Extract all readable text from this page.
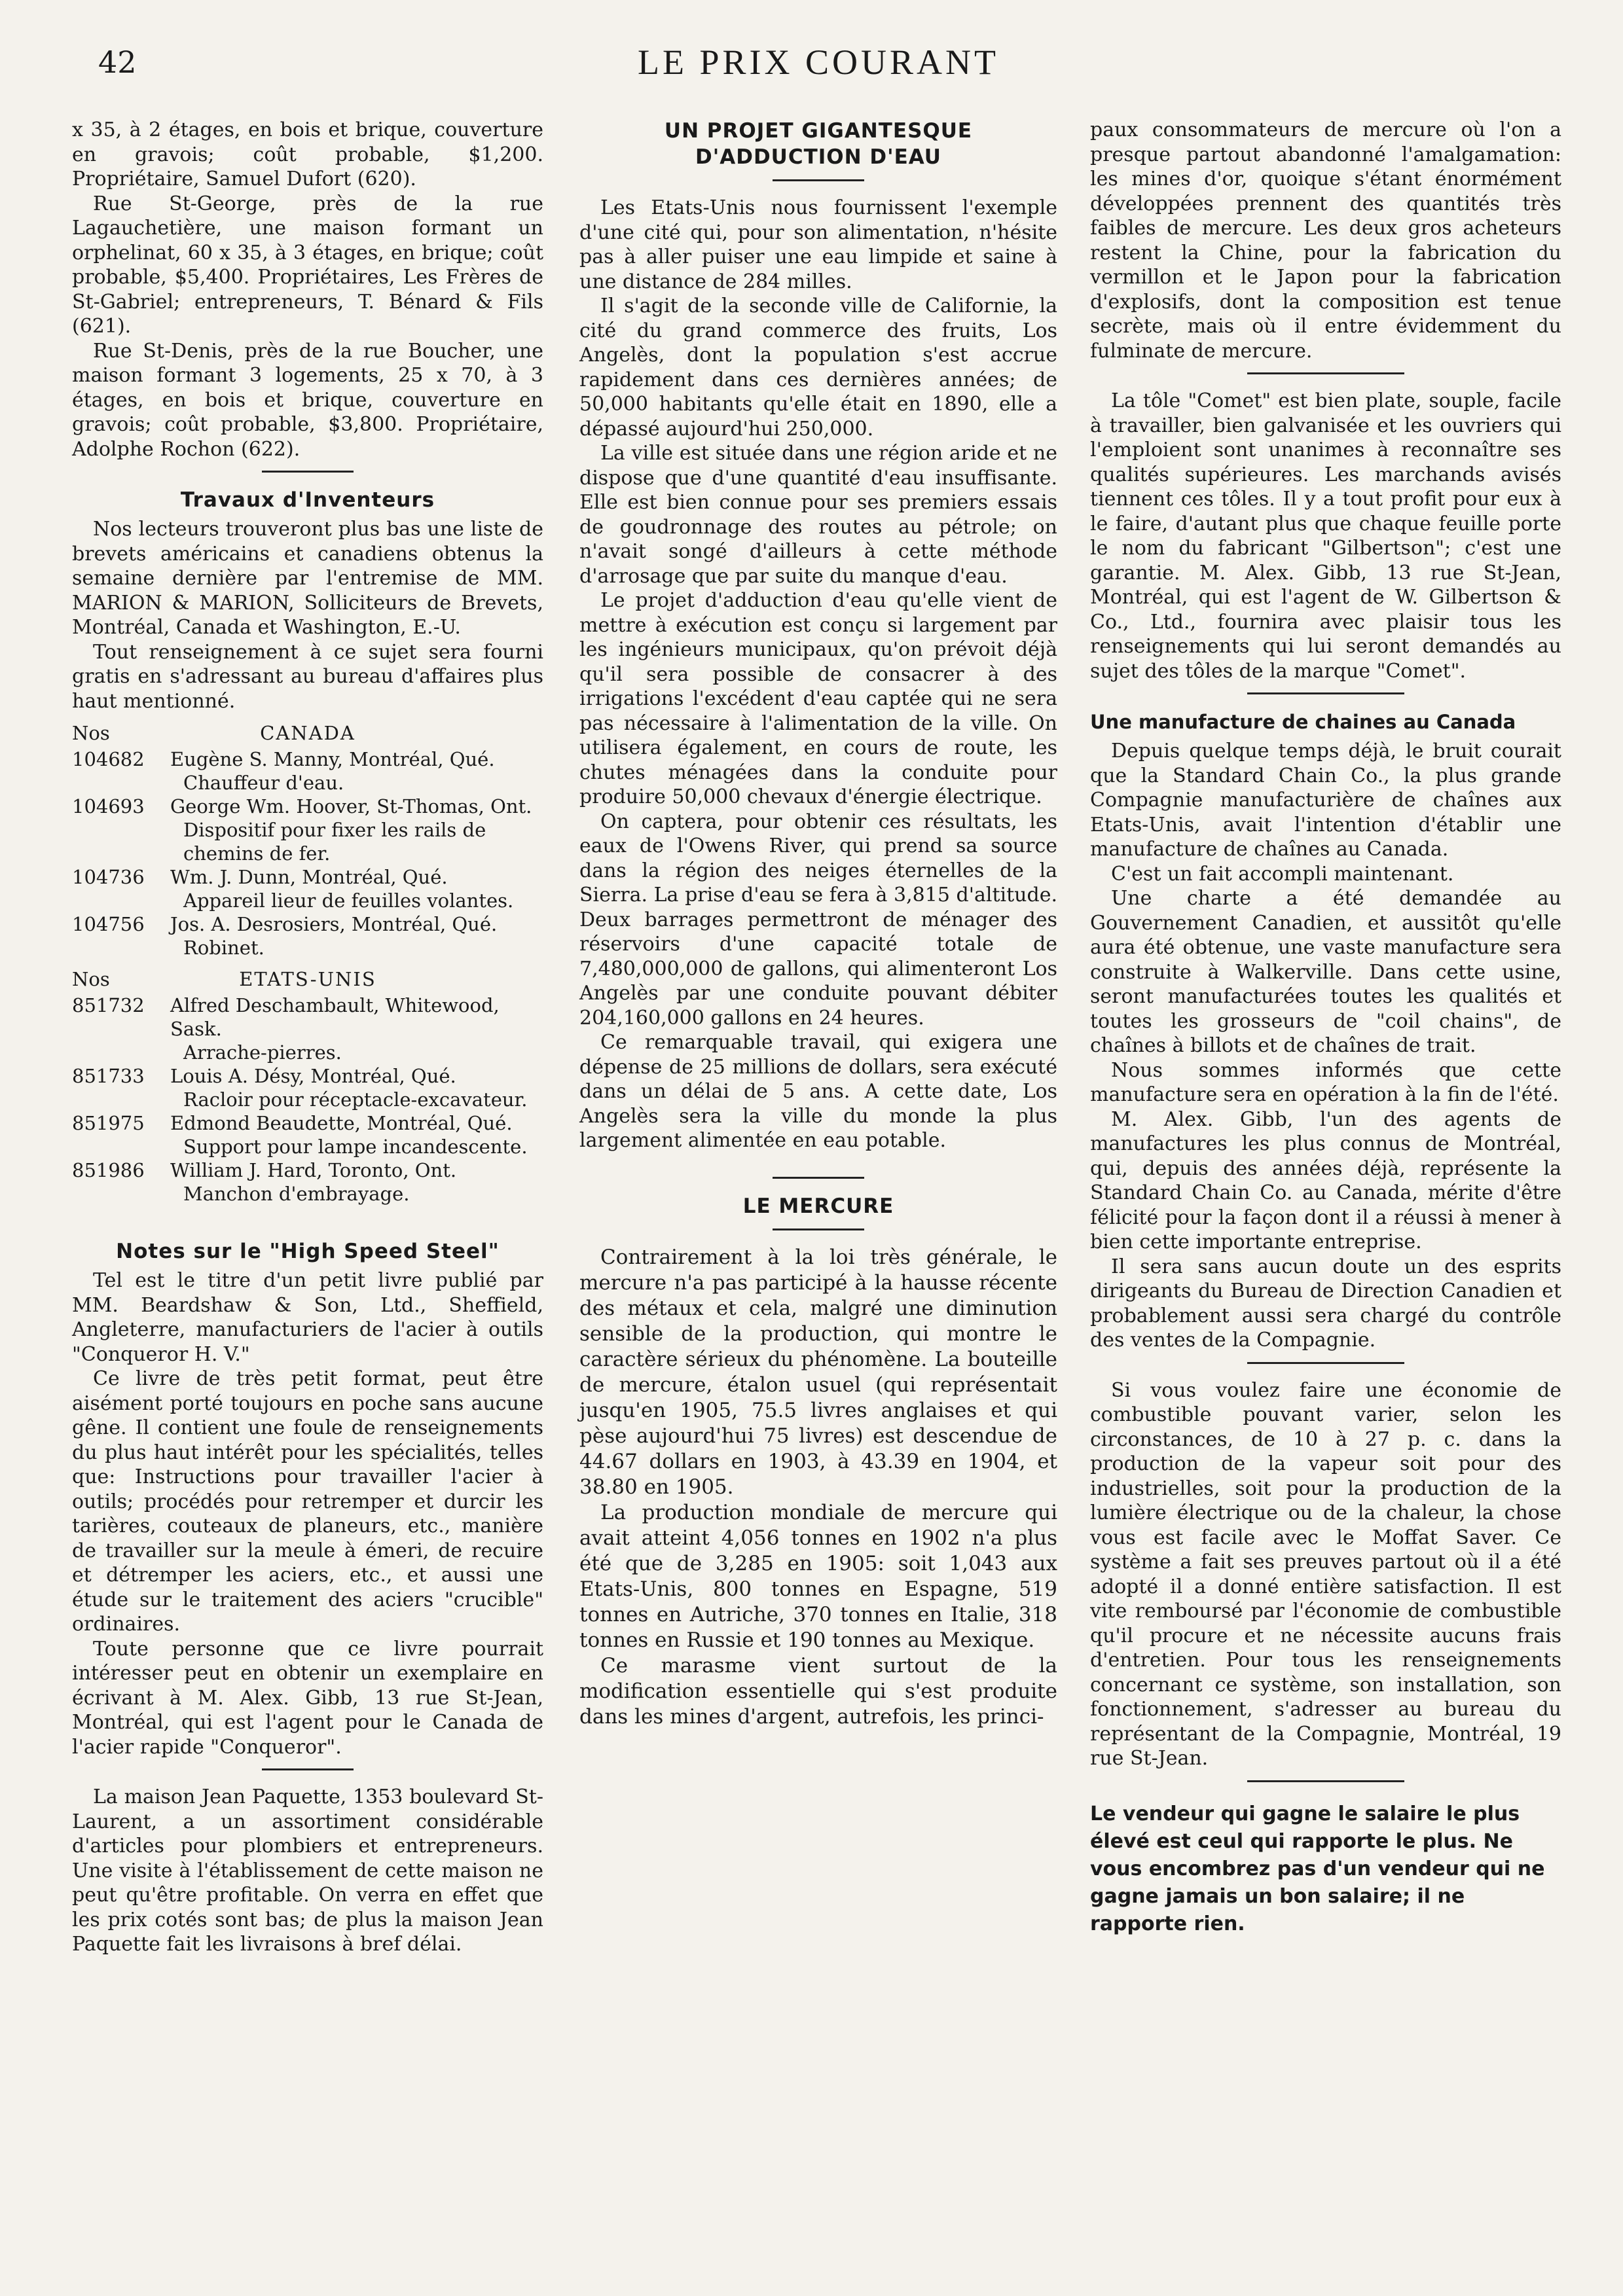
42	LE PRIX COURANT

x 35, à 2 étages, en bois et brique, couverture en gravois; coût probable, $1,200. Propriétaire, Samuel Dufort (620).

Rue St-George, près de la rue Lagauchetière, une maison formant un orphelinat, 60 x 35, à 3 étages, en brique; coût probable, $5,400. Propriétaires, Les Frères de St-Gabriel; entrepreneurs, T. Bénard & Fils (621).

Rue St-Denis, près de la rue Boucher, une maison formant 3 logements, 25 x 70, à 3 étages, en bois et brique, couverture en gravois; coût probable, $3,800. Propriétaire, Adolphe Rochon (622).

Travaux d'Inventeurs

Nos lecteurs trouveront plus bas une liste de brevets américains et canadiens obtenus la semaine dernière par l'entremise de MM. MARION & MARION, Solliciteurs de Brevets, Montréal, Canada et Washington, E.-U.

Tout renseignement à ce sujet sera fourni gratis en s'adressant au bureau d'affaires plus haut mentionné.

Nos	CANADA
104682	Eugène S. Manny, Montréal, Qué.
Chauffeur d'eau.
104693	George Wm. Hoover, St-Thomas, Ont.
Dispositif pour fixer les rails de chemins de fer.
104736	Wm. J. Dunn, Montréal, Qué.
Appareil lieur de feuilles volantes.
104756	Jos. A. Desrosiers, Montréal, Qué.
Robinet.
Nos	ETATS-UNIS
851732	Alfred Deschambault, Whitewood, Sask.
Arrache-pierres.
851733	Louis A. Désy, Montréal, Qué.
Racloir pour réceptacle-excavateur.
851975	Edmond Beaudette, Montréal, Qué.
Support pour lampe incandescente.
851986	William J. Hard, Toronto, Ont.
Manchon d'embrayage.
Notes sur le "High Speed Steel"

Tel est le titre d'un petit livre publié par MM. Beardshaw & Son, Ltd., Sheffield, Angleterre, manufacturiers de l'acier à outils "Conqueror H. V."

Ce livre de très petit format, peut être aisément porté toujours en poche sans aucune gêne. Il contient une foule de renseignements du plus haut intérêt pour les spécialités, telles que: Instructions pour travailler l'acier à outils; procédés pour retremper et durcir les tarières, couteaux de planeurs, etc., manière de travailler sur la meule à émeri, de recuire et détremper les aciers, etc., et aussi une étude sur le traitement des aciers "crucible" ordinaires.

Toute personne que ce livre pourrait intéresser peut en obtenir un exemplaire en écrivant à M. Alex. Gibb, 13 rue St-Jean, Montréal, qui est l'agent pour le Canada de l'acier rapide "Conqueror".

La maison Jean Paquette, 1353 boulevard St-Laurent, a un assortiment considérable d'articles pour plombiers et entrepreneurs. Une visite à l'établissement de cette maison ne peut qu'être profitable. On verra en effet que les prix cotés sont bas; de plus la maison Jean Paquette fait les livraisons à bref délai.

UN PROJET GIGANTESQUE D'ADDUCTION D'EAU

Les Etats-Unis nous fournissent l'exemple d'une cité qui, pour son alimentation, n'hésite pas à aller puiser une eau limpide et saine à une distance de 284 milles.

Il s'agit de la seconde ville de Californie, la cité du grand commerce des fruits, Los Angelès, dont la population s'est accrue rapidement dans ces dernières années; de 50,000 habitants qu'elle était en 1890, elle a dépassé aujourd'hui 250,000.

La ville est située dans une région aride et ne dispose que d'une quantité d'eau insuffisante. Elle est bien connue pour ses premiers essais de goudronnage des routes au pétrole; on n'avait songé d'ailleurs à cette méthode d'arrosage que par suite du manque d'eau.

Le projet d'adduction d'eau qu'elle vient de mettre à exécution est conçu si largement par les ingénieurs municipaux, qu'on prévoit déjà qu'il sera possible de consacrer à des irrigations l'excédent d'eau captée qui ne sera pas nécessaire à l'alimentation de la ville. On utilisera également, en cours de route, les chutes ménagées dans la conduite pour produire 50,000 chevaux d'énergie électrique.

On captera, pour obtenir ces résultats, les eaux de l'Owens River, qui prend sa source dans la région des neiges éternelles de la Sierra. La prise d'eau se fera à 3,815 d'altitude. Deux barrages permettront de ménager des réservoirs d'une capacité totale de 7,480,000,000 de gallons, qui alimenteront Los Angelès par une conduite pouvant débiter 204,160,000 gallons en 24 heures.

Ce remarquable travail, qui exigera une dépense de 25 millions de dollars, sera exécuté dans un délai de 5 ans. A cette date, Los Angelès sera la ville du monde la plus largement alimentée en eau potable.

LE MERCURE

Contrairement à la loi très générale, le mercure n'a pas participé à la hausse récente des métaux et cela, malgré une diminution sensible de la production, qui montre le caractère sérieux du phénomène. La bouteille de mercure, étalon usuel (qui représentait jusqu'en 1905, 75.5 livres anglaises et qui pèse aujourd'hui 75 livres) est descendue de 44.67 dollars en 1903, à 43.39 en 1904, et 38.80 en 1905.

La production mondiale de mercure qui avait atteint 4,056 tonnes en 1902 n'a plus été que de 3,285 en 1905: soit 1,043 aux Etats-Unis, 800 tonnes en Espagne, 519 tonnes en Autriche, 370 tonnes en Italie, 318 tonnes en Russie et 190 tonnes au Mexique.

Ce marasme vient surtout de la modification essentielle qui s'est produite dans les mines d'argent, autrefois, les princi-

paux consommateurs de mercure où l'on a presque partout abandonné l'amalgamation: les mines d'or, quoique s'étant énormément développées prennent des quantités très faibles de mercure. Les deux gros acheteurs restent la Chine, pour la fabrication du vermillon et le Japon pour la fabrication d'explosifs, dont la composition est tenue secrète, mais où il entre évidemment du fulminate de mercure.

La tôle "Comet" est bien plate, souple, facile à travailler, bien galvanisée et les ouvriers qui l'emploient sont unanimes à reconnaître ses qualités supérieures. Les marchands avisés tiennent ces tôles. Il y a tout profit pour eux à le faire, d'autant plus que chaque feuille porte le nom du fabricant "Gilbertson"; c'est une garantie. M. Alex. Gibb, 13 rue St-Jean, Montréal, qui est l'agent de W. Gilbertson & Co., Ltd., fournira avec plaisir tous les renseignements qui lui seront demandés au sujet des tôles de la marque "Comet".

Une manufacture de chaines au Canada

Depuis quelque temps déjà, le bruit courait que la Standard Chain Co., la plus grande Compagnie manufacturière de chaînes aux Etats-Unis, avait l'intention d'établir une manufacture de chaînes au Canada.

C'est un fait accompli maintenant.

Une charte a été demandée au Gouvernement Canadien, et aussitôt qu'elle aura été obtenue, une vaste manufacture sera construite à Walkerville. Dans cette usine, seront manufacturées toutes les qualités et toutes les grosseurs de "coil chains", de chaînes à billots et de chaînes de trait.

Nous sommes informés que cette manufacture sera en opération à la fin de l'été.

M. Alex. Gibb, l'un des agents de manufactures les plus connus de Montréal, qui, depuis des années déjà, représente la Standard Chain Co. au Canada, mérite d'être félicité pour la façon dont il a réussi à mener à bien cette importante entreprise.

Il sera sans aucun doute un des esprits dirigeants du Bureau de Direction Canadien et probablement aussi sera chargé du contrôle des ventes de la Compagnie.

Si vous voulez faire une économie de combustible pouvant varier, selon les circonstances, de 10 à 27 p. c. dans la production de la vapeur soit pour des industrielles, soit pour la production de la lumière électrique ou de la chaleur, la chose vous est facile avec le Moffat Saver. Ce système a fait ses preuves partout où il a été adopté il a donné entière satisfaction. Il est vite remboursé par l'économie de combustible qu'il procure et ne nécessite aucuns frais d'entretien. Pour tous les renseignements concernant ce système, son installation, son fonctionnement, s'adresser au bureau du représentant de la Compagnie, Montréal, 19 rue St-Jean.

Le vendeur qui gagne le salaire le plus élevé est ceul qui rapporte le plus. Ne vous encombrez pas d'un vendeur qui ne gagne jamais un bon salaire; il ne rapporte rien.
